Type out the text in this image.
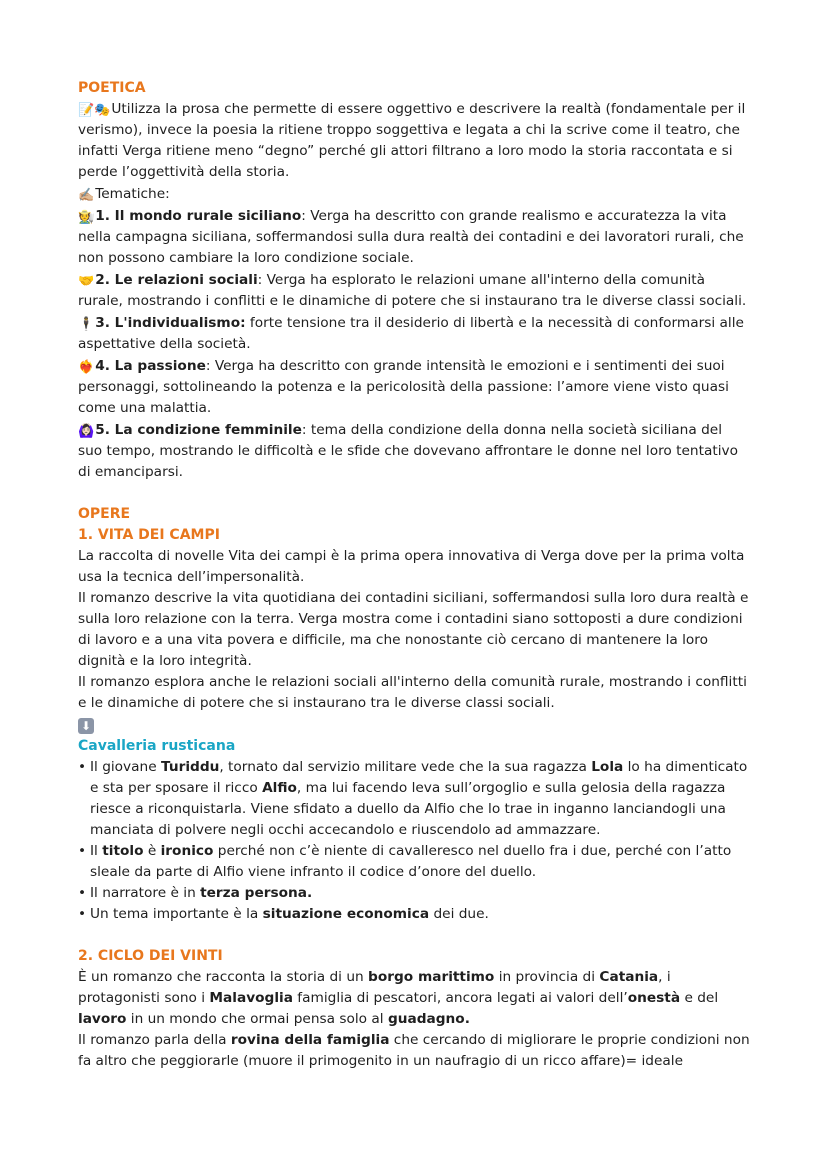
POETICA

📝🎭Utilizza la prosa che permette di essere oggettivo e descrivere la realtà (fondamentale per il verismo), invece la poesia la ritiene troppo soggettiva e legata a chi la scrive come il teatro, che infatti Verga ritiene meno “degno” perché gli attori filtrano a loro modo la storia raccontata e si perde l’oggettività della storia.

✍🏼Tematiche:

🧑‍🌾1. Il mondo rurale siciliano: Verga ha descritto con grande realismo e accuratezza la vita nella campagna siciliana, soffermandosi sulla dura realtà dei contadini e dei lavoratori rurali, che non possono cambiare la loro condizione sociale.

🤝2. Le relazioni sociali: Verga ha esplorato le relazioni umane all'interno della comunità rurale, mostrando i conflitti e le dinamiche di potere che si instaurano tra le diverse classi sociali.

🕴3. L'individualismo: forte tensione tra il desiderio di libertà e la necessità di conformarsi alle aspettative della società.

❤️‍🔥4. La passione: Verga ha descritto con grande intensità le emozioni e i sentimenti dei suoi personaggi, sottolineando la potenza e la pericolosità della passione: l’amore viene visto quasi come una malattia.

🙆🏻‍♀️5. La condizione femminile: tema della condizione della donna nella società siciliana del suo tempo, mostrando le difficoltà e le sfide che dovevano affrontare le donne nel loro tentativo di emanciparsi.

OPERE
1. VITA DEI CAMPI

La raccolta di novelle Vita dei campi è la prima opera innovativa di Verga dove per la prima volta usa la tecnica dell’impersonalità.

Il romanzo descrive la vita quotidiana dei contadini siciliani, soffermandosi sulla loro dura realtà e sulla loro relazione con la terra. Verga mostra come i contadini siano sottoposti a dure condizioni di lavoro e a una vita povera e difficile, ma che nonostante ciò cercano di mantenere la loro dignità e la loro integrità.

Il romanzo esplora anche le relazioni sociali all'interno della comunità rurale, mostrando i conflitti e le dinamiche di potere che si instaurano tra le diverse classi sociali.

⬇
Cavalleria rusticana
• Il giovane Turiddu, tornato dal servizio militare vede che la sua ragazza Lola lo ha dimenticato e sta per sposare il ricco Alfio, ma lui facendo leva sull’orgoglio e sulla gelosia della ragazza riesce a riconquistarla. Viene sfidato a duello da Alfio che lo trae in inganno lanciandogli una manciata di polvere negli occhi accecandolo e riuscendolo ad ammazzare.
• Il titolo è ironico perché non c’è niente di cavalleresco nel duello fra i due, perché con l’atto sleale da parte di Alfio viene infranto il codice d’onore del duello.
• Il narratore è in terza persona.
• Un tema importante è la situazione economica dei due.
2. CICLO DEI VINTI

È un romanzo che racconta la storia di un borgo marittimo in provincia di Catania, i protagonisti sono i Malavoglia famiglia di pescatori, ancora legati ai valori dell’onestà e del lavoro in un mondo che ormai pensa solo al guadagno.

Il romanzo parla della rovina della famiglia che cercando di migliorare le proprie condizioni non fa altro che peggiorarle (muore il primogenito in un naufragio di un ricco affare)= ideale
